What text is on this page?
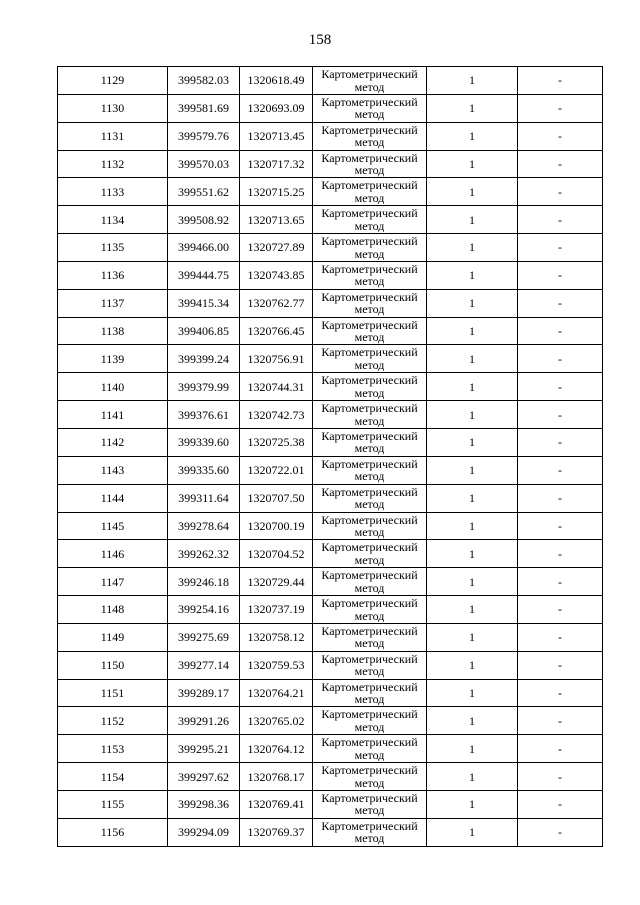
158
1129	399582.03	1320618.49	Картометрический метод	1	-
1130	399581.69	1320693.09	Картометрический метод	1	-
1131	399579.76	1320713.45	Картометрический метод	1	-
1132	399570.03	1320717.32	Картометрический метод	1	-
1133	399551.62	1320715.25	Картометрический метод	1	-
1134	399508.92	1320713.65	Картометрический метод	1	-
1135	399466.00	1320727.89	Картометрический метод	1	-
1136	399444.75	1320743.85	Картометрический метод	1	-
1137	399415.34	1320762.77	Картометрический метод	1	-
1138	399406.85	1320766.45	Картометрический метод	1	-
1139	399399.24	1320756.91	Картометрический метод	1	-
1140	399379.99	1320744.31	Картометрический метод	1	-
1141	399376.61	1320742.73	Картометрический метод	1	-
1142	399339.60	1320725.38	Картометрический метод	1	-
1143	399335.60	1320722.01	Картометрический метод	1	-
1144	399311.64	1320707.50	Картометрический метод	1	-
1145	399278.64	1320700.19	Картометрический метод	1	-
1146	399262.32	1320704.52	Картометрический метод	1	-
1147	399246.18	1320729.44	Картометрический метод	1	-
1148	399254.16	1320737.19	Картометрический метод	1	-
1149	399275.69	1320758.12	Картометрический метод	1	-
1150	399277.14	1320759.53	Картометрический метод	1	-
1151	399289.17	1320764.21	Картометрический метод	1	-
1152	399291.26	1320765.02	Картометрический метод	1	-
1153	399295.21	1320764.12	Картометрический метод	1	-
1154	399297.62	1320768.17	Картометрический метод	1	-
1155	399298.36	1320769.41	Картометрический метод	1	-
1156	399294.09	1320769.37	Картометрический метод	1	-
